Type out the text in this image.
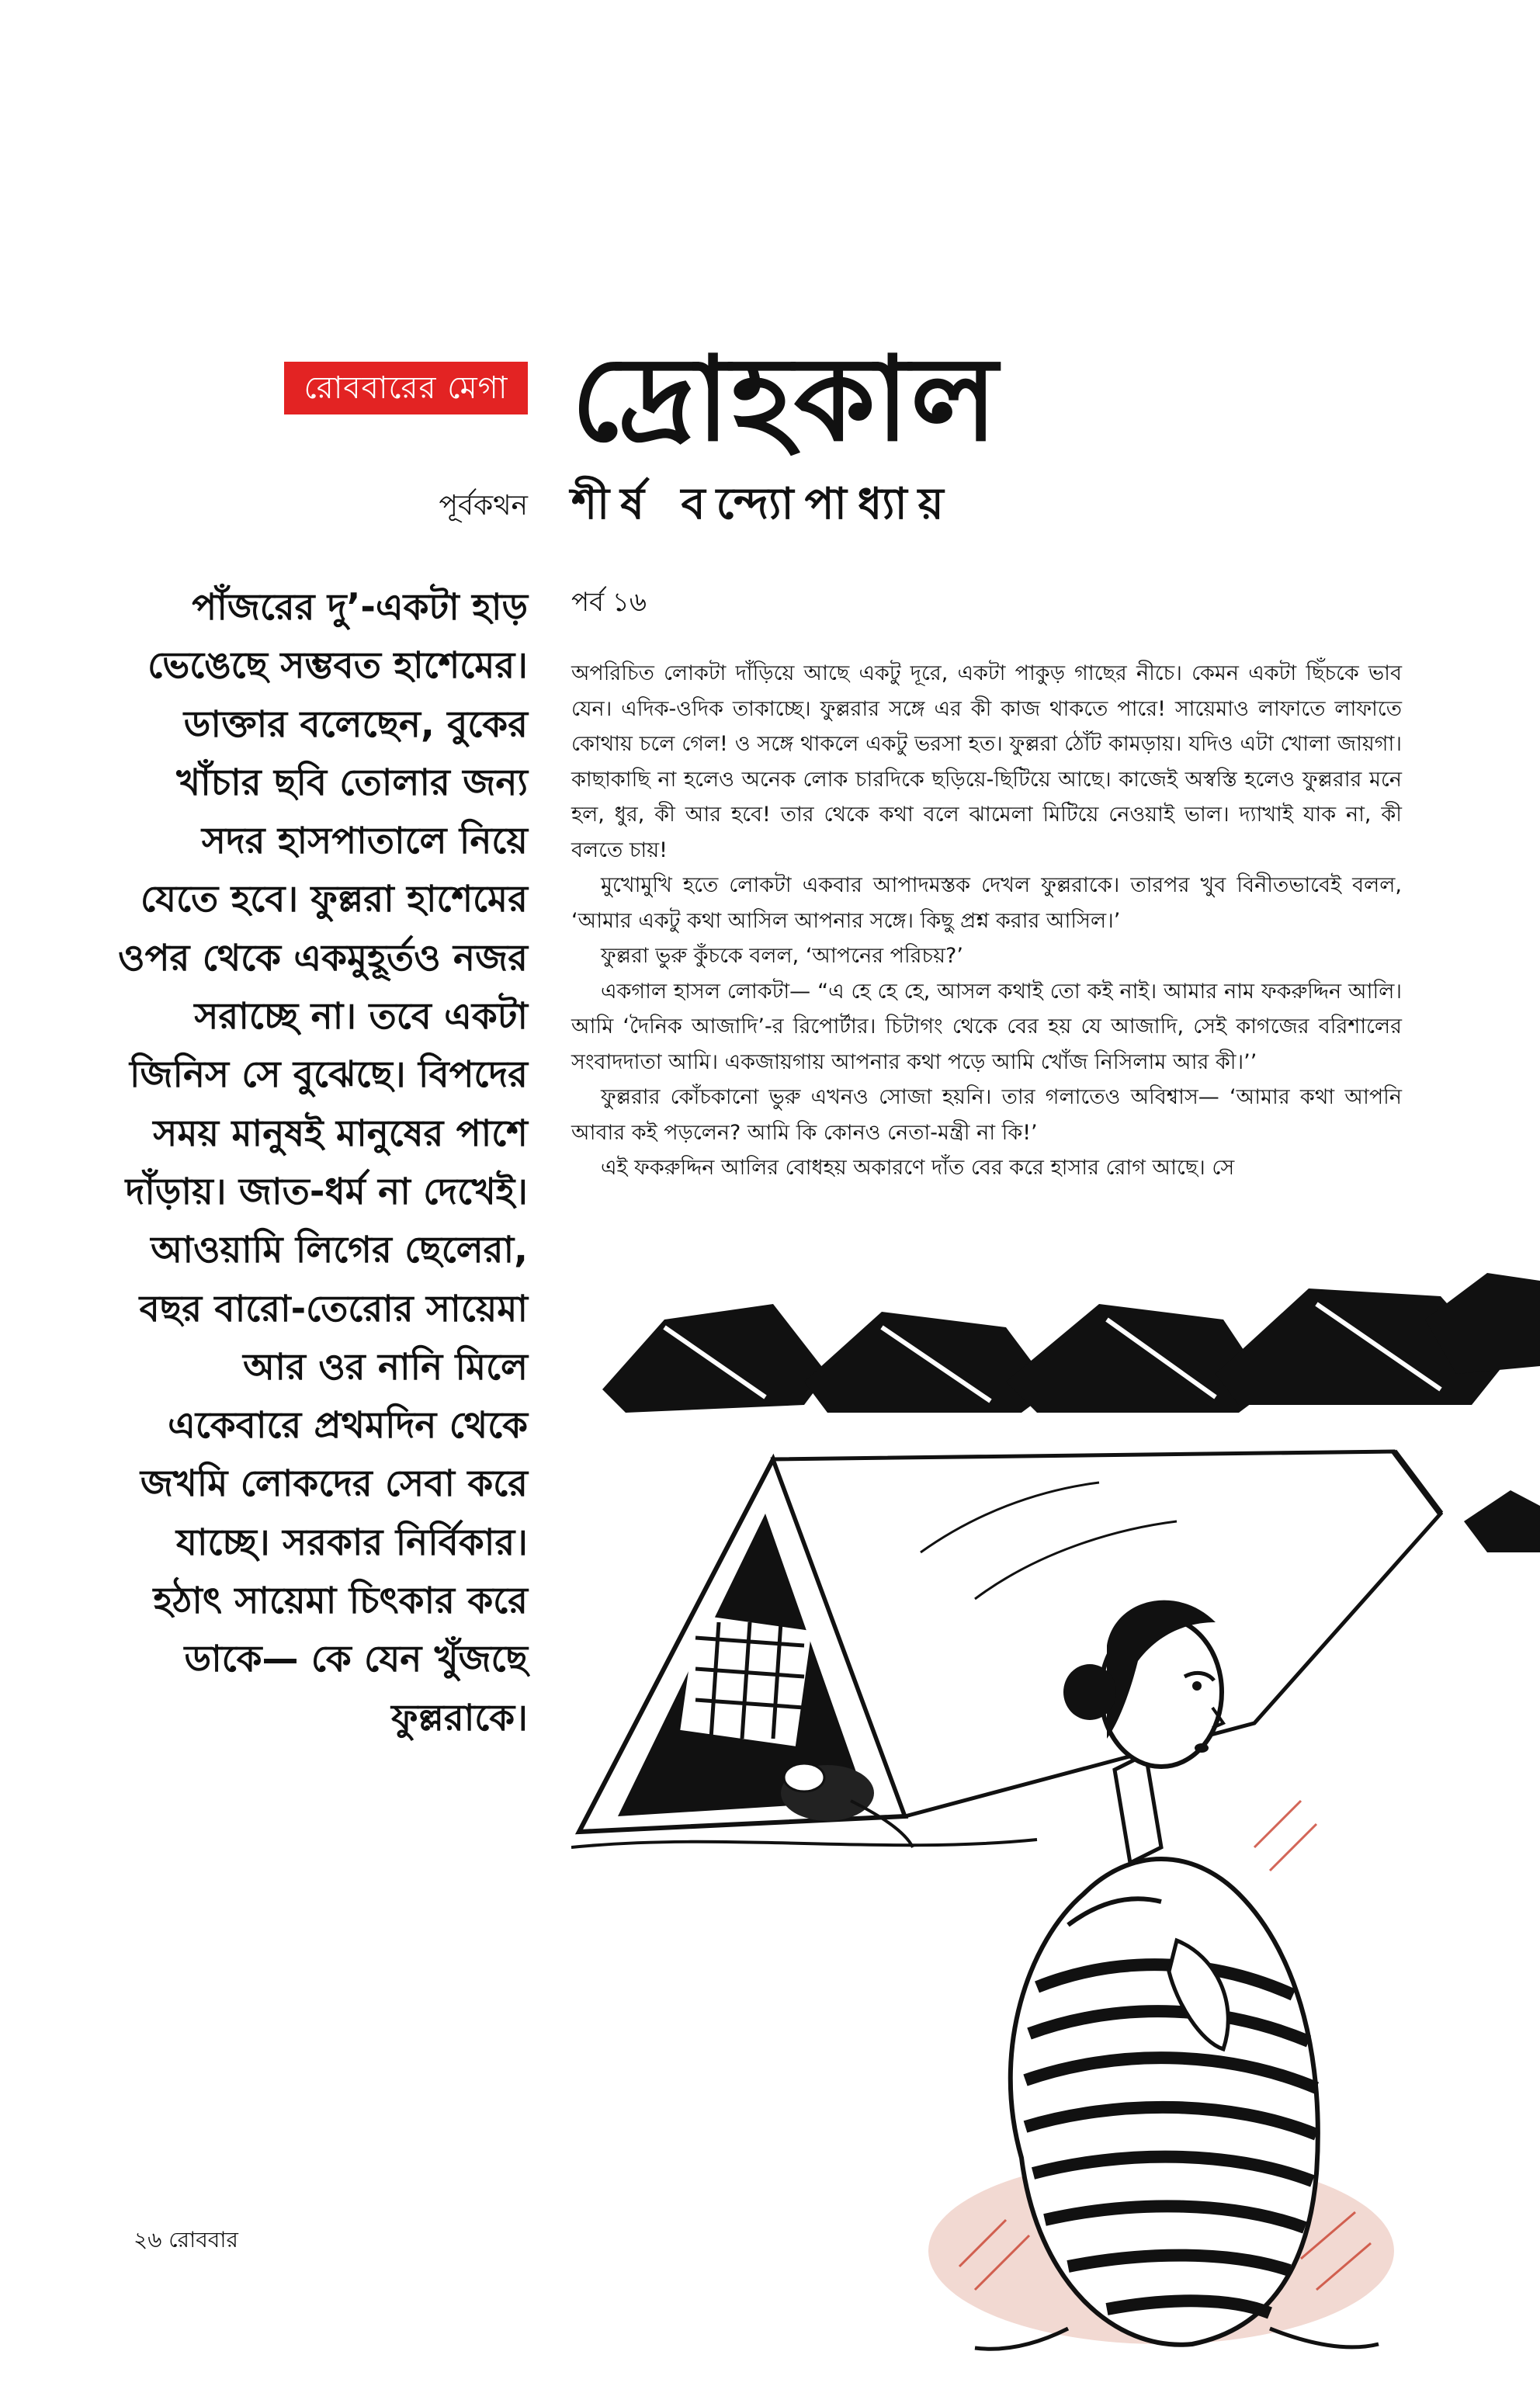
রোববারের মেগা দ্রোহকাল
পূর্বকথন শীর্ষ বন্দ্যোপাধ্যায়

পাঁজরের দু’-একটা হাড় ভেঙেছে সম্ভবত হাশেমের। ডাক্তার বলেছেন, বুকের খাঁচার ছবি তোলার জন্য সদর হাসপাতালে নিয়ে যেতে হবে। ফুল্লরা হাশেমের ওপর থেকে একমুহূর্তও নজর সরাচ্ছে না। তবে একটা জিনিস সে বুঝেছে। বিপদের সময় মানুষই মানুষের পাশে দাঁড়ায়। জাত-ধর্ম না দেখেই। আওয়ামি লিগের ছেলেরা, বছর বারো-তেরোর সায়েমা আর ওর নানি মিলে একেবারে প্রথমদিন থেকে জখমি লোকদের সেবা করে যাচ্ছে। সরকার নির্বিকার। হঠাৎ সায়েমা চিৎকার করে ডাকে— কে যেন খুঁজছে ফুল্লরাকে।

পর্ব ১৬

অপরিচিত লোকটা দাঁড়িয়ে আছে একটু দূরে, একটা পাকুড় গাছের নীচে। কেমন একটা ছিঁচকে ভাব যেন। এদিক-ওদিক তাকাচ্ছে। ফুল্লরার সঙ্গে এর কী কাজ থাকতে পারে! সায়েমাও লাফাতে লাফাতে কোথায় চলে গেল! ও সঙ্গে থাকলে একটু ভরসা হত। ফুল্লরা ঠোঁট কামড়ায়। যদিও এটা খোলা জায়গা। কাছাকাছি না হলেও অনেক লোক চারদিকে ছড়িয়ে-ছিটিয়ে আছে। কাজেই অস্বস্তি হলেও ফুল্লরার মনে হল, ধুর, কী আর হবে! তার থেকে কথা বলে ঝামেলা মিটিয়ে নেওয়াই ভাল। দ্যাখাই যাক না, কী বলতে চায়!

মুখোমুখি হতে লোকটা একবার আপাদমস্তক দেখল ফুল্লরাকে। তারপর খুব বিনীতভাবেই বলল, ‘আমার একটু কথা আসিল আপনার সঙ্গে। কিছু প্রশ্ন করার আসিল।’

ফুল্লরা ভুরু কুঁচকে বলল, ‘আপনের পরিচয়?’

একগাল হাসল লোকটা— “এ হে হে হে, আসল কথাই তো কই নাই। আমার নাম ফকরুদ্দিন আলি। আমি ‘দৈনিক আজাদি’-র রিপোর্টার। চিটাগং থেকে বের হয় যে আজাদি, সেই কাগজের বরিশালের সংবাদদাতা আমি। একজায়গায় আপনার কথা পড়ে আমি খোঁজ নিসিলাম আর কী।’’

ফুল্লরার কোঁচকানো ভুরু এখনও সোজা হয়নি। তার গলাতেও অবিশ্বাস— ‘আমার কথা আপনি আবার কই পড়লেন? আমি কি কোনও নেতা-মন্ত্রী না কি!’

এই ফকরুদ্দিন আলির বোধহয় অকারণে দাঁত বের করে হাসার রোগ আছে। সে

২৬ রোববার
